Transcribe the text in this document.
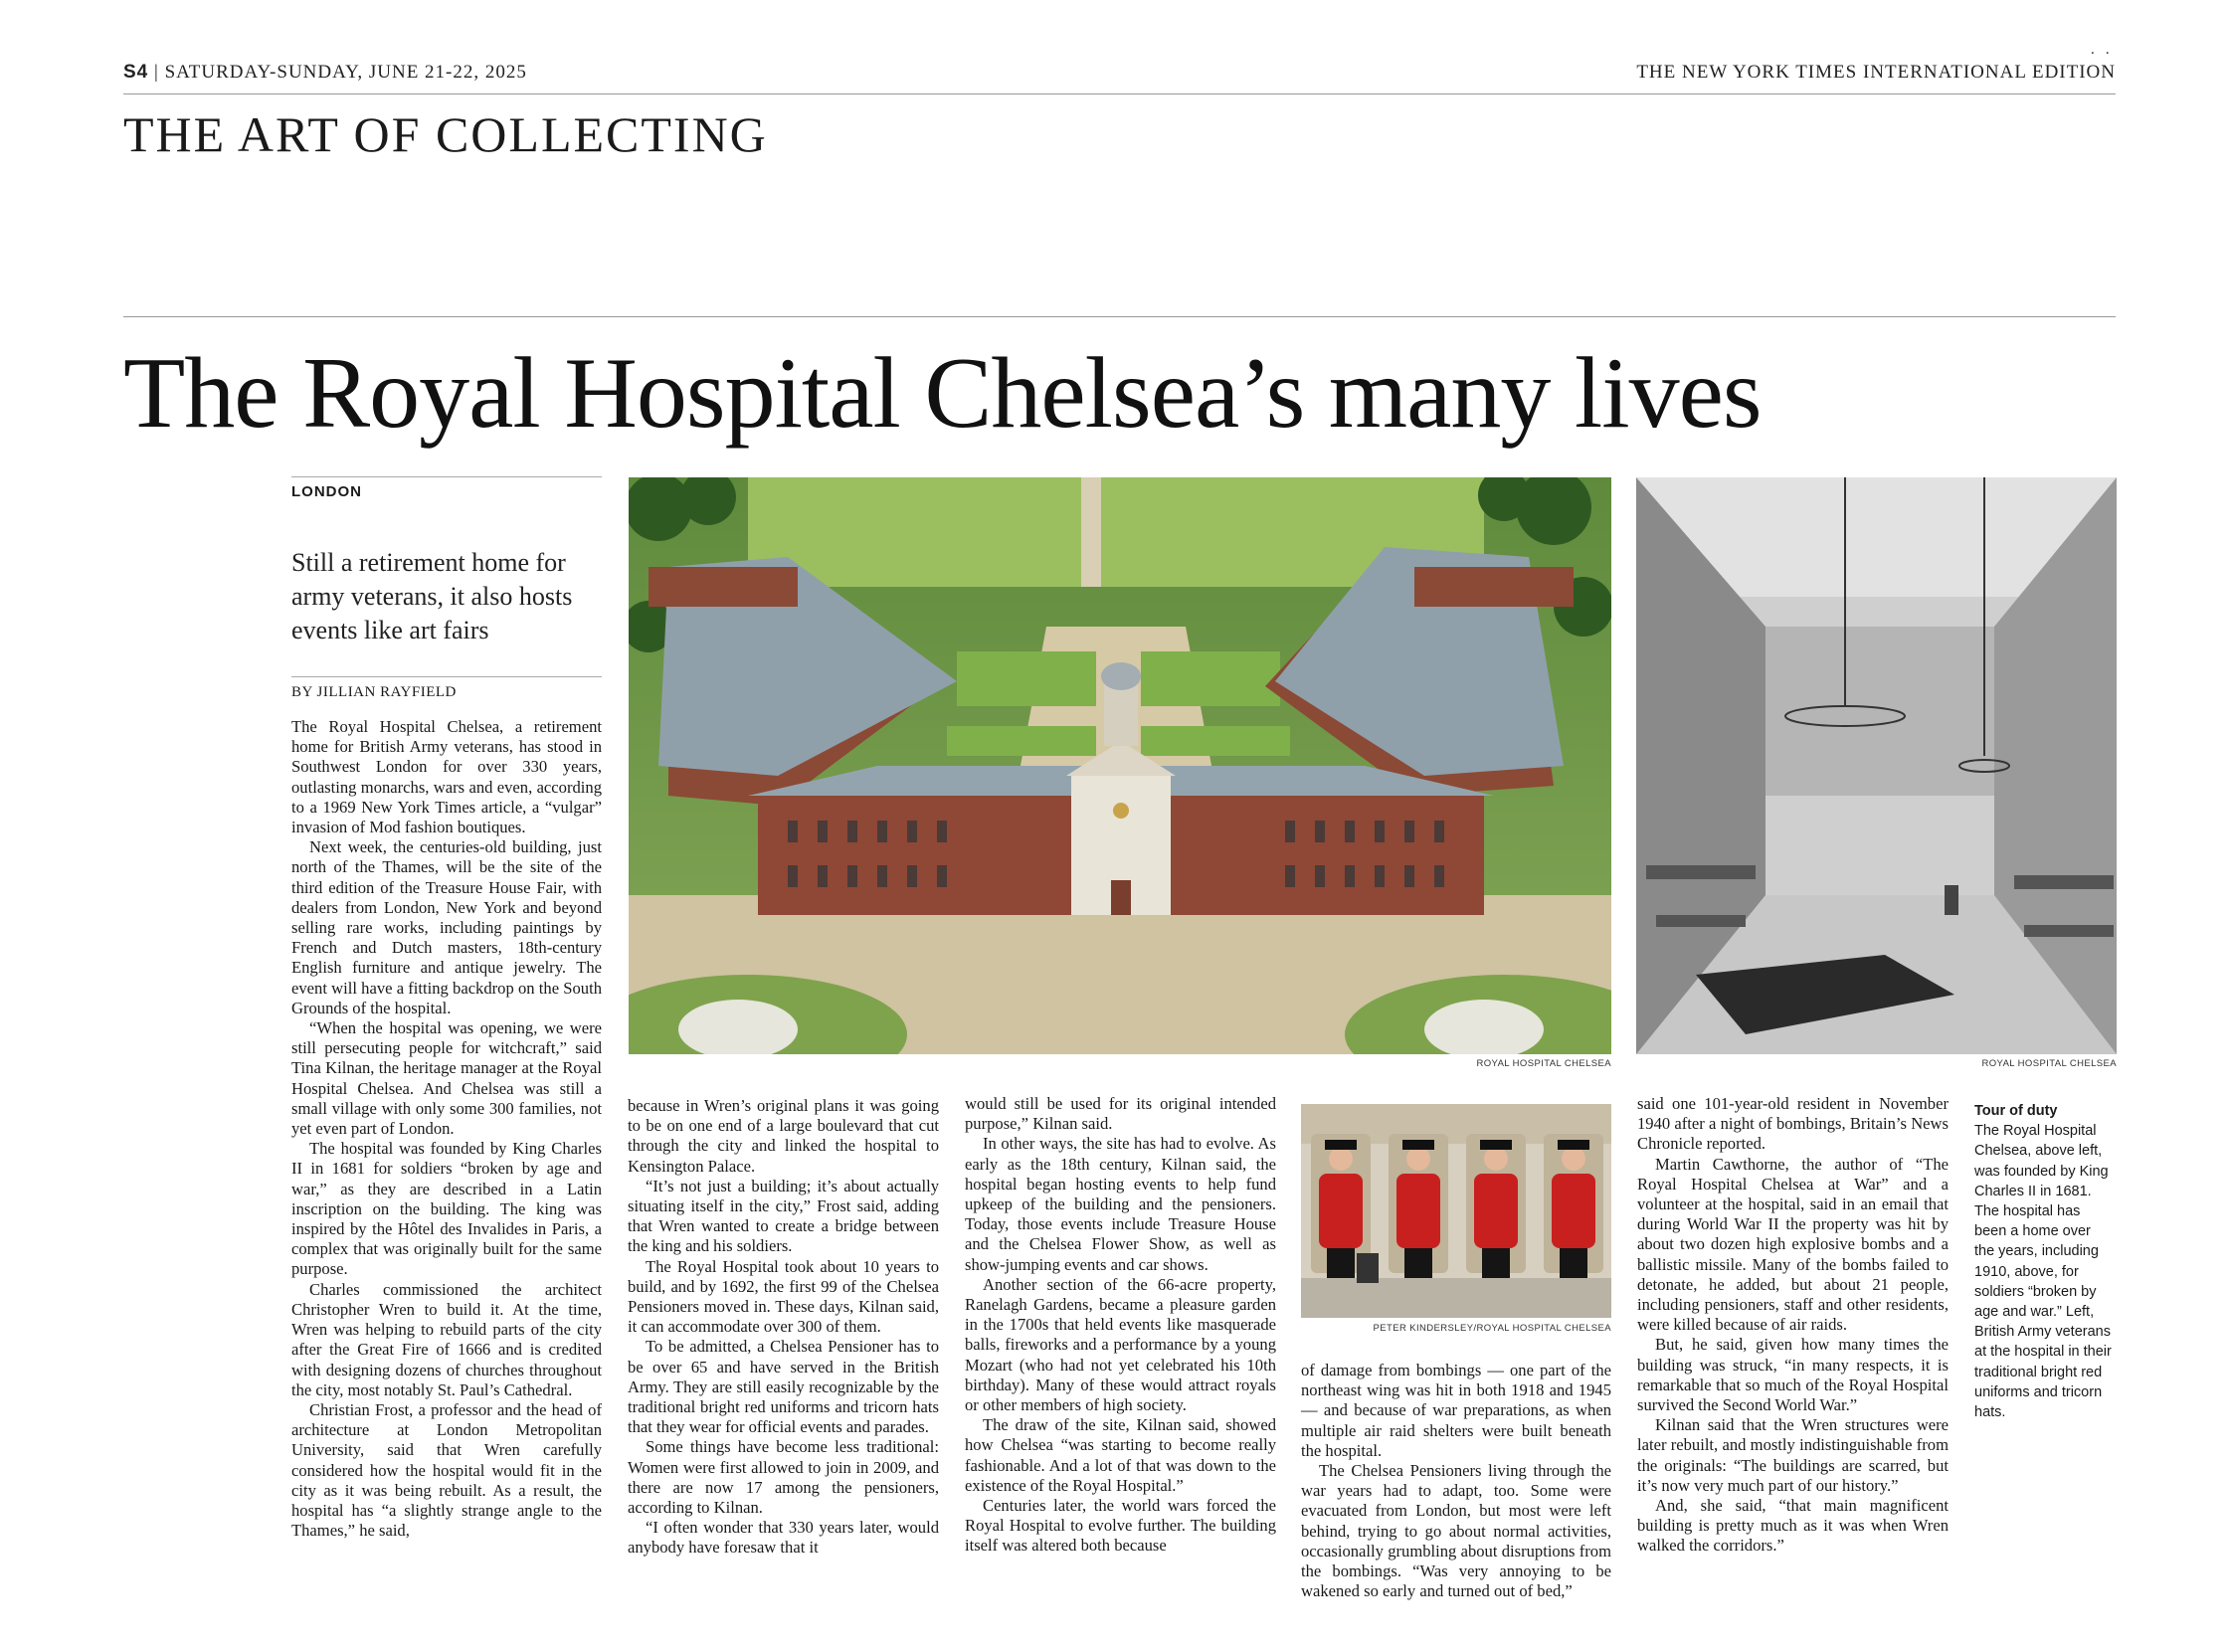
S4 | SATURDAY-SUNDAY, JUNE 21-22, 2025
. .
THE NEW YORK TIMES INTERNATIONAL EDITION
THE ART OF COLLECTING
The Royal Hospital Chelsea’s many lives
LONDON
Still a retirement home for army veterans, it also hosts events like art fairs
BY JILLIAN RAYFIELD

The Royal Hospital Chelsea, a retirement home for British Army veterans, has stood in Southwest London for over 330 years, outlasting monarchs, wars and even, according to a 1969 New York Times article, a “vulgar” invasion of Mod fashion boutiques.

Next week, the centuries-old building, just north of the Thames, will be the site of the third edition of the Treasure House Fair, with dealers from London, New York and beyond selling rare works, including paintings by French and Dutch masters, 18th-century English furniture and antique jewelry. The event will have a fitting backdrop on the South Grounds of the hospital.

“When the hospital was opening, we were still persecuting people for witchcraft,” said Tina Kilnan, the heritage manager at the Royal Hospital Chelsea. And Chelsea was still a small village with only some 300 families, not yet even part of London.

The hospital was founded by King Charles II in 1681 for soldiers “broken by age and war,” as they are described in a Latin inscription on the building. The king was inspired by the Hôtel des Invalides in Paris, a complex that was originally built for the same purpose.

Charles commissioned the architect Christopher Wren to build it. At the time, Wren was helping to rebuild parts of the city after the Great Fire of 1666 and is credited with designing dozens of churches throughout the city, most notably St. Paul’s Cathedral.

Christian Frost, a professor and the head of architecture at London Metropolitan University, said that Wren carefully considered how the hospital would fit in the city as it was being rebuilt. As a result, the hospital has “a slightly strange angle to the Thames,” he said,

because in Wren’s original plans it was going to be on one end of a large boulevard that cut through the city and linked the hospital to Kensington Palace.

“It’s not just a building; it’s about actually situating itself in the city,” Frost said, adding that Wren wanted to create a bridge between the king and his soldiers.

The Royal Hospital took about 10 years to build, and by 1692, the first 99 of the Chelsea Pensioners moved in. These days, Kilnan said, it can accommodate over 300 of them.

To be admitted, a Chelsea Pensioner has to be over 65 and have served in the British Army. They are still easily recognizable by the traditional bright red uniforms and tricorn hats that they wear for official events and parades.

Some things have become less traditional: Women were first allowed to join in 2009, and there are now 17 among the pensioners, according to Kilnan.

“I often wonder that 330 years later, would anybody have foresaw that it

would still be used for its original intended purpose,” Kilnan said.

In other ways, the site has had to evolve. As early as the 18th century, Kilnan said, the hospital began hosting events to help fund upkeep of the building and the pensioners. Today, those events include Treasure House and the Chelsea Flower Show, as well as show-jumping events and car shows.

Another section of the 66-acre property, Ranelagh Gardens, became a pleasure garden in the 1700s that held events like masquerade balls, fireworks and a performance by a young Mozart (who had not yet celebrated his 10th birthday). Many of these would attract royals or other members of high society.

The draw of the site, Kilnan said, showed how Chelsea “was starting to become really fashionable. And a lot of that was down to the existence of the Royal Hospital.”

Centuries later, the world wars forced the Royal Hospital to evolve further. The building itself was altered both because

of damage from bombings — one part of the northeast wing was hit in both 1918 and 1945 — and because of war preparations, as when multiple air raid shelters were built beneath the hospital.

The Chelsea Pensioners living through the war years had to adapt, too. Some were evacuated from London, but most were left behind, trying to go about normal activities, occasionally grumbling about disruptions from the bombings. “Was very annoying to be wakened so early and turned out of bed,”

said one 101-year-old resident in November 1940 after a night of bombings, Britain’s News Chronicle reported.

Martin Cawthorne, the author of “The Royal Hospital Chelsea at War” and a volunteer at the hospital, said in an email that during World War II the property was hit by about two dozen high explosive bombs and a ballistic missile. Many of the bombs failed to detonate, he added, but about 21 people, including pensioners, staff and other residents, were killed because of air raids.

But, he said, given how many times the building was struck, “in many respects, it is remarkable that so much of the Royal Hospital survived the Second World War.”

Kilnan said that the Wren structures were later rebuilt, and mostly indistinguishable from the originals: “The buildings are scarred, but it’s now very much part of our history.”

And, she said, “that main magnificent building is pretty much as it was when Wren walked the corridors.”

ROYAL HOSPITAL CHELSEA	ROYAL HOSPITAL CHELSEA
PETER KINDERSLEY/ROYAL HOSPITAL CHELSEA
Tour of duty
The Royal Hospital Chelsea, above left, was founded by King Charles II in 1681. The hospital has been a home over the years, including 1910, above, for soldiers “broken by age and war.” Left, British Army veterans at the hospital in their traditional bright red uniforms and tricorn hats.
